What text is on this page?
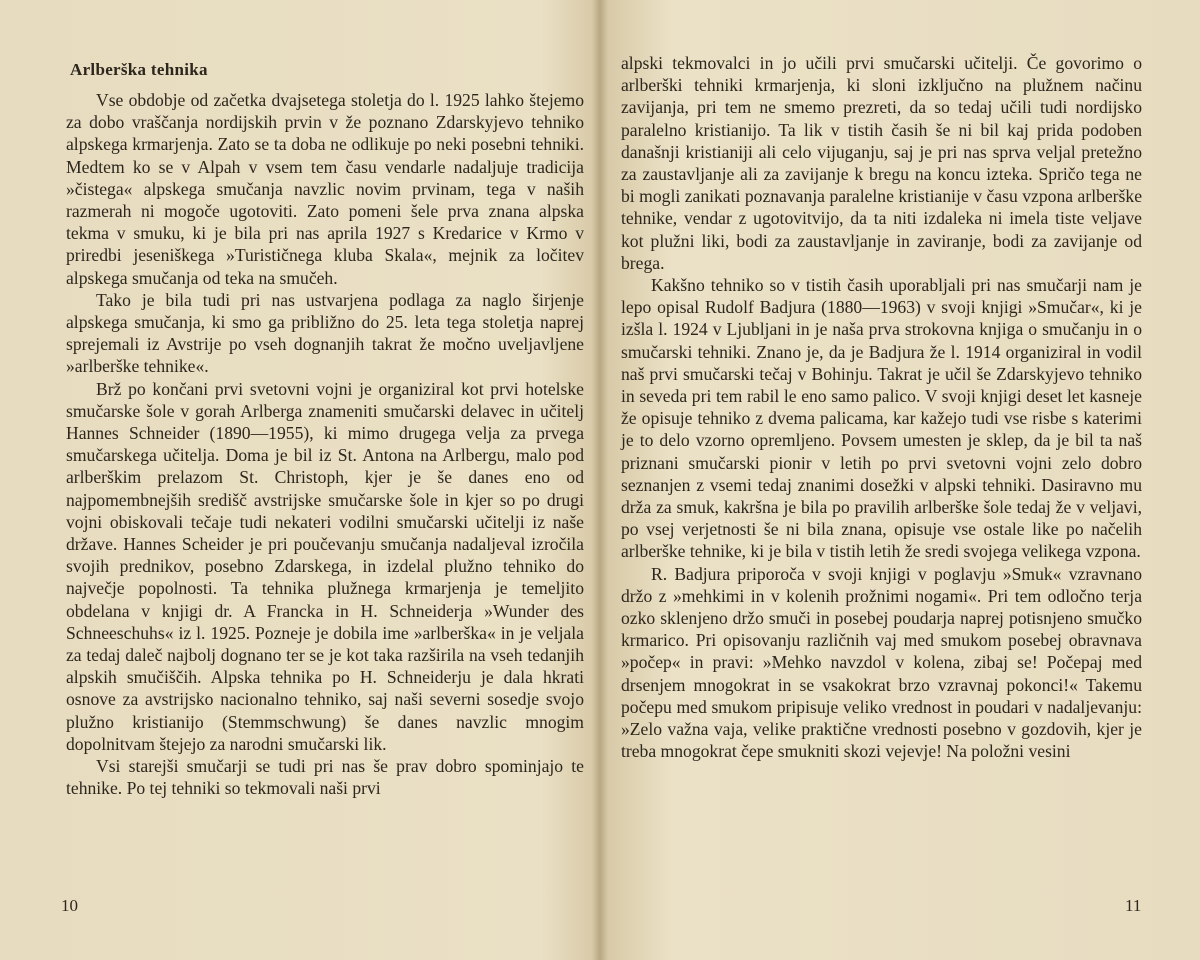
Arlberška tehnika

Vse obdobje od začetka dvajsetega stoletja do l. 1925 lahko štejemo za dobo vraščanja nordijskih prvin v že poznano Zdarskyjevo tehniko alpskega krmarjenja. Zato se ta doba ne odlikuje po neki posebni tehniki. Medtem ko se v Alpah v vsem tem času vendarle nadaljuje tradicija »čistega« alpskega smučanja navzlic novim prvinam, tega v naših razmerah ni mogoče ugotoviti. Zato pomeni šele prva znana alpska tekma v smuku, ki je bila pri nas aprila 1927 s Kredarice v Krmo v priredbi jeseniškega »Turističnega kluba Skala«, mejnik za ločitev alpskega smučanja od teka na smučeh.

Tako je bila tudi pri nas ustvarjena podlaga za naglo širjenje alpskega smučanja, ki smo ga približno do 25. leta tega stoletja naprej sprejemali iz Avstrije po vseh dognanjih takrat že močno uveljavljene »arlberške tehnike«.

Brž po končani prvi svetovni vojni je organiziral kot prvi hotelske smučarske šole v gorah Arlberga znameniti smučarski delavec in učitelj Hannes Schneider (1890—1955), ki mimo drugega velja za prvega smučarskega učitelja. Doma je bil iz St. Antona na Arlbergu, malo pod arlberškim prelazom St. Christoph, kjer je še danes eno od najpomembnejših središč avstrijske smučarske šole in kjer so po drugi vojni obiskovali tečaje tudi nekateri vodilni smučarski učitelji iz naše države. Hannes Scheider je pri poučevanju smučanja nadaljeval izročila svojih prednikov, posebno Zdarskega, in izdelal plužno tehniko do največje popolnosti. Ta tehnika plužnega krmarjenja je temeljito obdelana v knjigi dr. A Francka in H. Schneiderja »Wunder des Schneeschuhs« iz l. 1925. Pozneje je dobila ime »arlberška« in je veljala za tedaj daleč najbolj dognano ter se je kot taka razširila na vseh tedanjih alpskih smučiščih. Alpska tehnika po H. Schneiderju je dala hkrati osnove za avstrijsko nacionalno tehniko, saj naši severni sosedje svojo plužno kristianijo (Stemmschwung) še danes navzlic mnogim dopolnitvam štejejo za narodni smučarski lik.

Vsi starejši smučarji se tudi pri nas še prav dobro spominjajo te tehnike. Po tej tehniki so tekmovali naši prvi

10

alpski tekmovalci in jo učili prvi smučarski učitelji. Če govorimo o arlberški tehniki krmarjenja, ki sloni izključno na plužnem načinu zavijanja, pri tem ne smemo prezreti, da so tedaj učili tudi nordijsko paralelno kristianijo. Ta lik v tistih časih še ni bil kaj prida podoben današnji kristianiji ali celo vijuganju, saj je pri nas sprva veljal pretežno za zaustavljanje ali za zavijanje k bregu na koncu izteka. Spričo tega ne bi mogli zanikati poznavanja paralelne kristianije v času vzpona arlberške tehnike, vendar z ugotovitvijo, da ta niti izdaleka ni imela tiste veljave kot plužni liki, bodi za zaustavljanje in zaviranje, bodi za zavijanje od brega.

Kakšno tehniko so v tistih časih uporabljali pri nas smučarji nam je lepo opisal Rudolf Badjura (1880—1963) v svoji knjigi »Smučar«, ki je izšla l. 1924 v Ljubljani in je naša prva strokovna knjiga o smučanju in o smučarski tehniki. Znano je, da je Badjura že l. 1914 organiziral in vodil naš prvi smučarski tečaj v Bohinju. Takrat je učil še Zdarskyjevo tehniko in seveda pri tem rabil le eno samo palico. V svoji knjigi deset let kasneje že opisuje tehniko z dvema palicama, kar kažejo tudi vse risbe s katerimi je to delo vzorno opremljeno. Povsem umesten je sklep, da je bil ta naš priznani smučarski pionir v letih po prvi svetovni vojni zelo dobro seznanjen z vsemi tedaj znanimi dosežki v alpski tehniki. Dasiravno mu drža za smuk, kakršna je bila po pravilih arlberške šole tedaj že v veljavi, po vsej verjetnosti še ni bila znana, opisuje vse ostale like po načelih arlberške tehnike, ki je bila v tistih letih že sredi svojega velikega vzpona.

R. Badjura priporoča v svoji knjigi v poglavju »Smuk« vzravnano držo z »mehkimi in v kolenih prožnimi nogami«. Pri tem odločno terja ozko sklenjeno držo smuči in posebej poudarja naprej potisnjeno smučko krmarico. Pri opisovanju različnih vaj med smukom posebej obravnava »počep« in pravi: »Mehko navzdol v kolena, zibaj se! Počepaj med drsenjem mnogokrat in se vsakokrat brzo vzravnaj pokonci!« Takemu počepu med smukom pripisuje veliko vrednost in poudari v nadaljevanju: »Zelo važna vaja, velike praktične vrednosti posebno v gozdovih, kjer je treba mnogokrat čepe smukniti skozi vejevje! Na položni vesini

11
